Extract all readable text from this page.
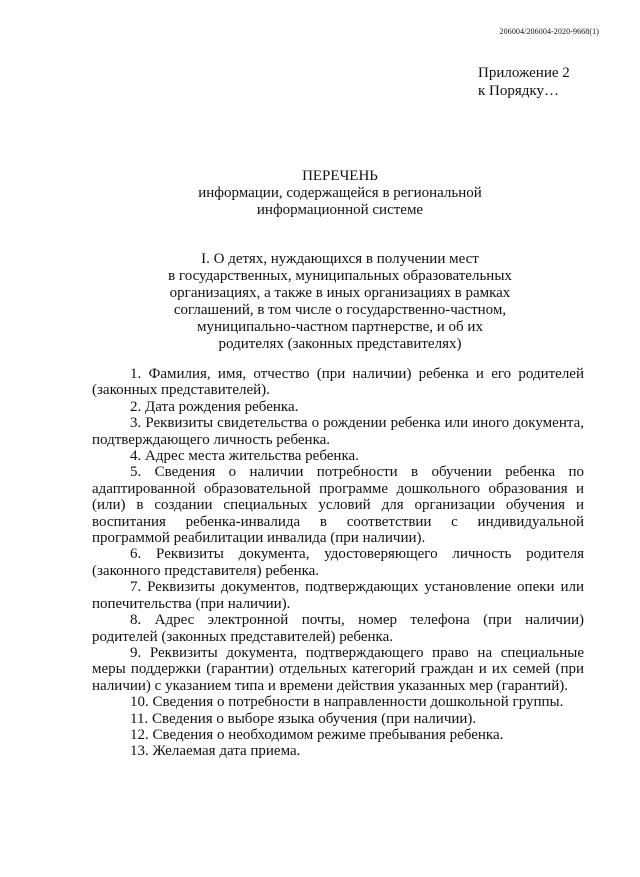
206004/206004-2020-9668(1)
Приложение 2
к Порядку…
ПЕРЕЧЕНЬ
информации, содержащейся в региональной
информационной системе
I. О детях, нуждающихся в получении мест
в государственных, муниципальных образовательных
организациях, а также в иных организациях в рамках
соглашений, в том числе о государственно-частном,
муниципально-частном партнерстве, и об их
родителях (законных представителях)

1. Фамилия, имя, отчество (при наличии) ребенка и его родителей (законных представителей).

2. Дата рождения ребенка.

3. Реквизиты свидетельства о рождении ребенка или иного документа, подтверждающего личность ребенка.

4. Адрес места жительства ребенка.

5. Сведения о наличии потребности в обучении ребенка по адаптированной образовательной программе дошкольного образования и (или) в создании специальных условий для организации обучения и воспитания ребенка-инвалида в соответствии с индивидуальной программой реабилитации инвалида (при наличии).

6. Реквизиты документа, удостоверяющего личность родителя (законного представителя) ребенка.

7. Реквизиты документов, подтверждающих установление опеки или попечительства (при наличии).

8. Адрес электронной почты, номер телефона (при наличии) родителей (законных представителей) ребенка.

9. Реквизиты документа, подтверждающего право на специальные меры поддержки (гарантии) отдельных категорий граждан и их семей (при наличии) с указанием типа и времени действия указанных мер (гарантий).

10. Сведения о потребности в направленности дошкольной группы.

11. Сведения о выборе языка обучения (при наличии).

12. Сведения о необходимом режиме пребывания ребенка.

13. Желаемая дата приема.
